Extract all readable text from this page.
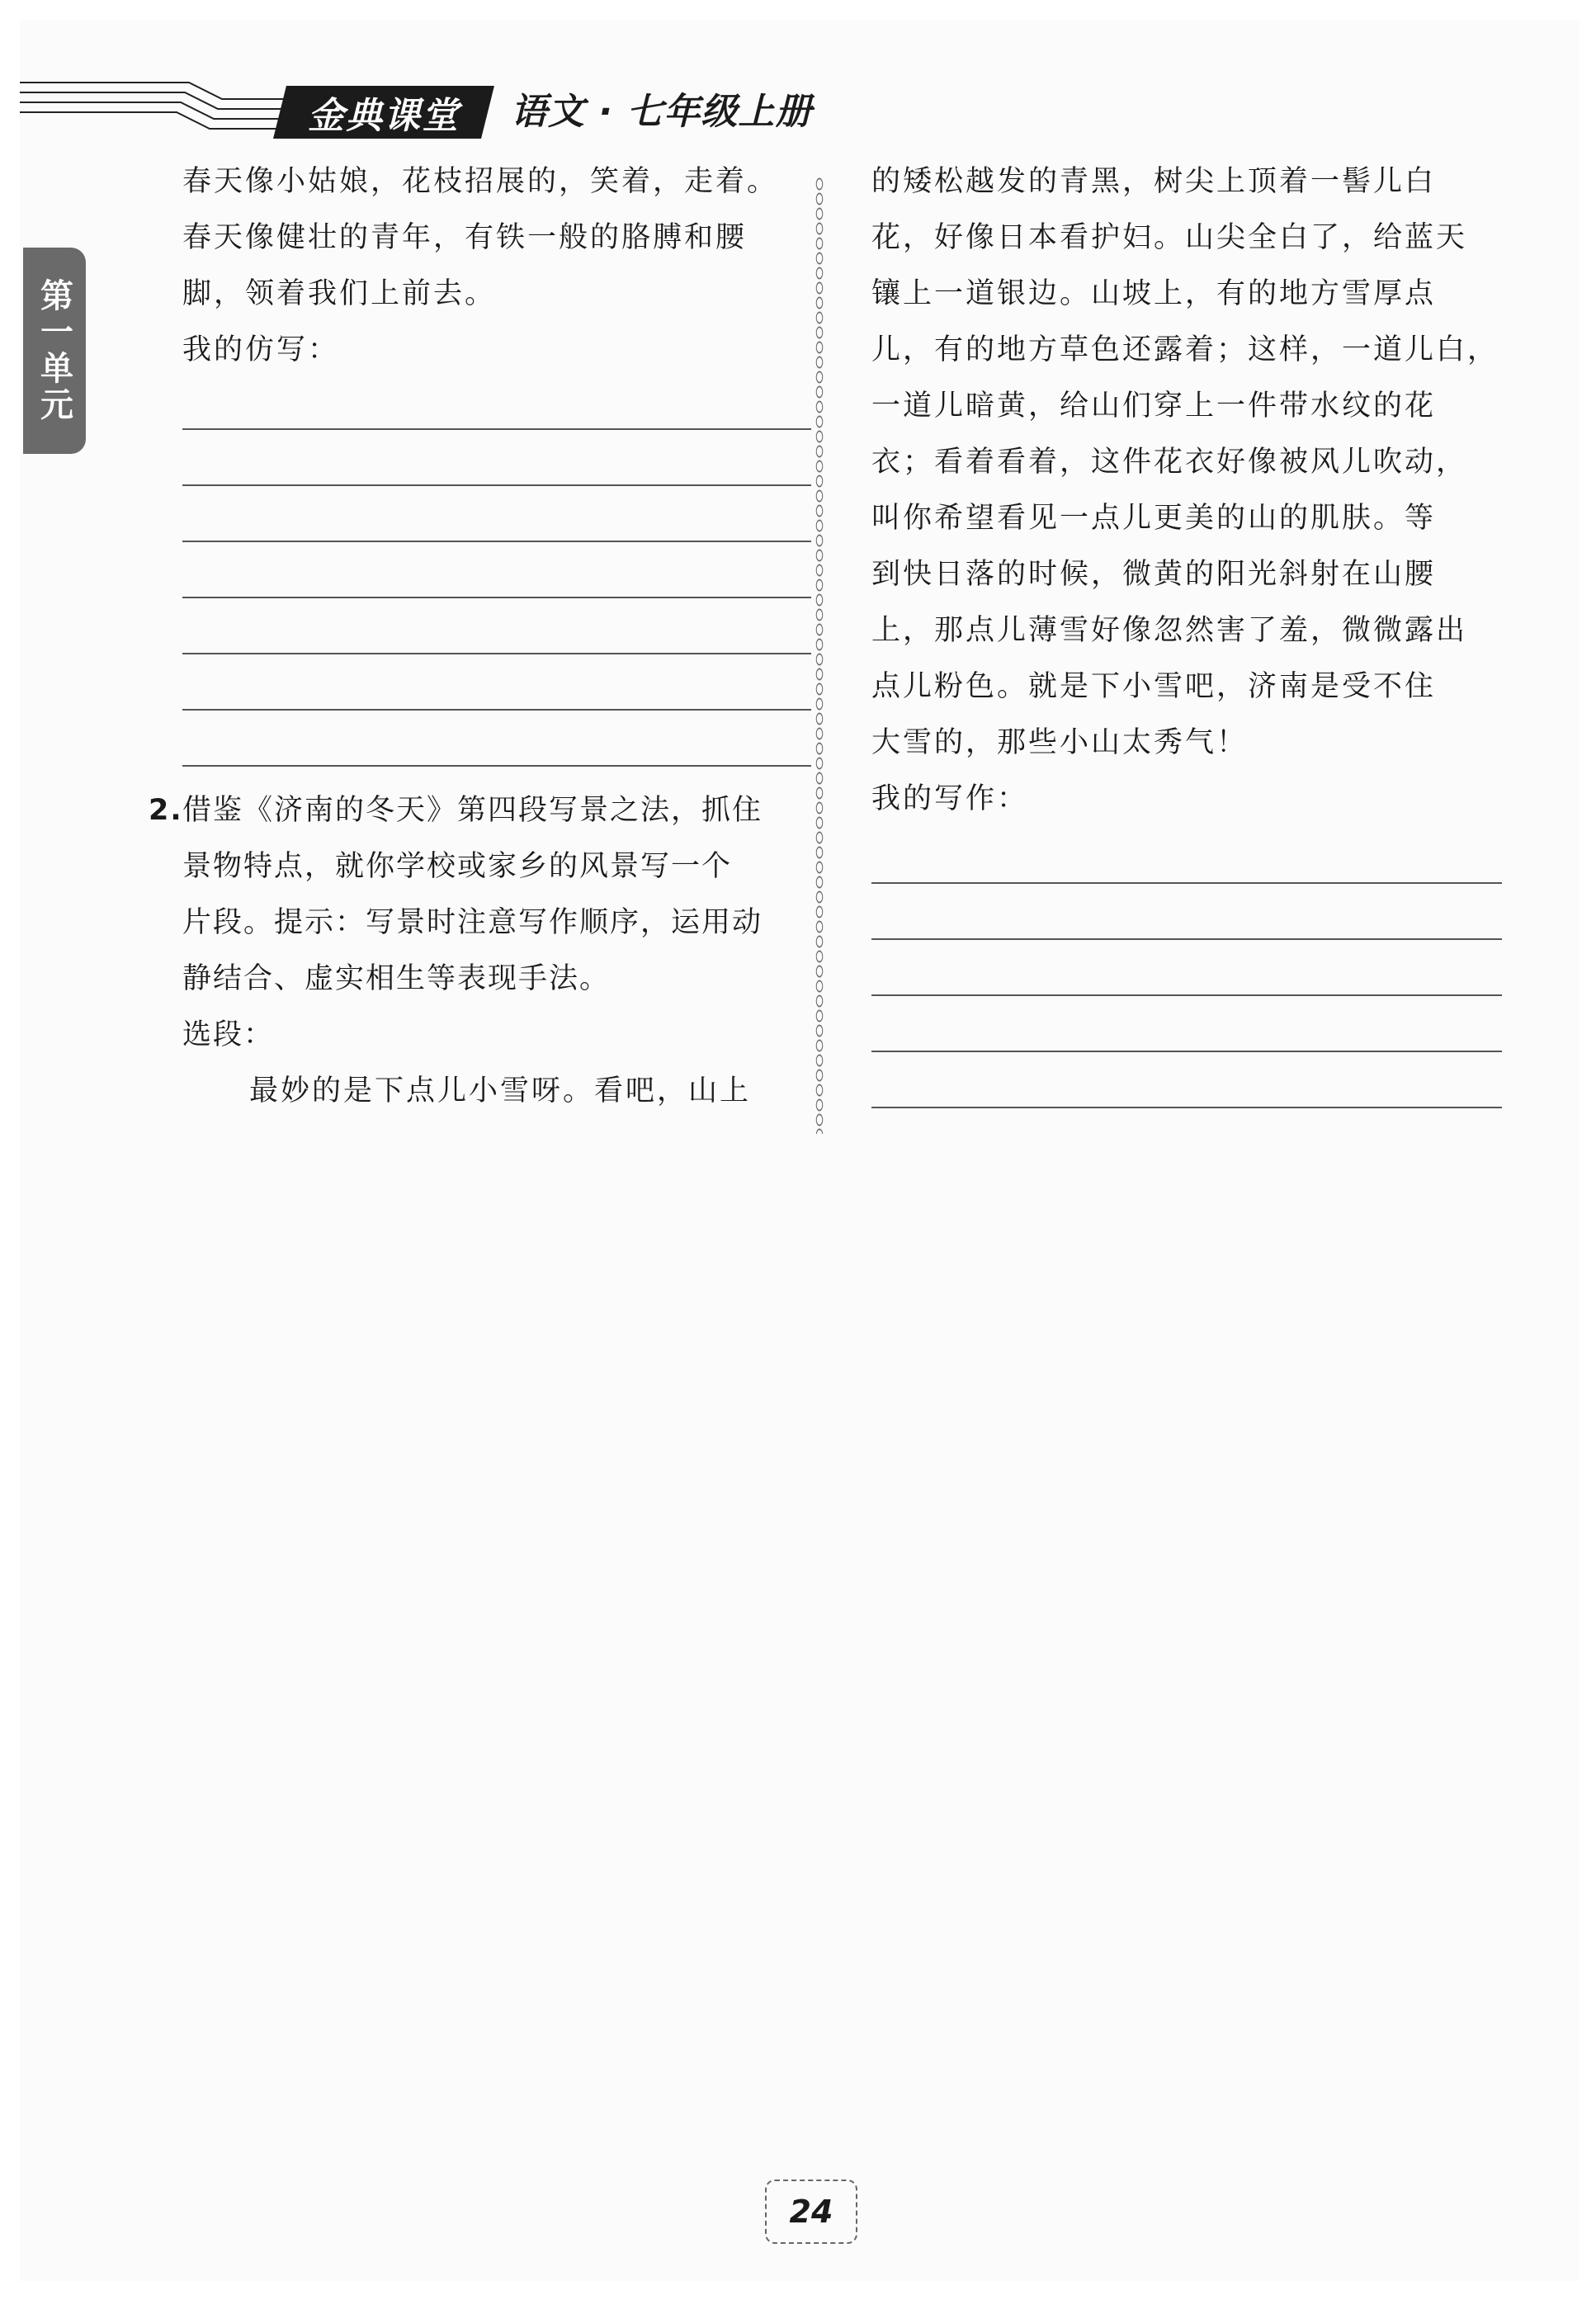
金典课堂 语文 · 七年级上册
第一单元
春天像小姑娘，花枝招展的，笑着，走着。
春天像健壮的青年，有铁一般的胳膊和腰
脚，领着我们上前去。
我的仿写：
2. 借鉴《济南的冬天》第四段写景之法，抓住
景物特点，就你学校或家乡的风景写一个
片段。提示：写景时注意写作顺序，运用动
静结合、虚实相生等表现手法。
选段：
最妙的是下点儿小雪呀。看吧，山上
的矮松越发的青黑，树尖上顶着一髻儿白
花，好像日本看护妇。山尖全白了，给蓝天
镶上一道银边。山坡上，有的地方雪厚点
儿，有的地方草色还露着；这样，一道儿白，
一道儿暗黄，给山们穿上一件带水纹的花
衣；看着看着，这件花衣好像被风儿吹动，
叫你希望看见一点儿更美的山的肌肤。等
到快日落的时候，微黄的阳光斜射在山腰
上，那点儿薄雪好像忽然害了羞，微微露出
点儿粉色。就是下小雪吧，济南是受不住
大雪的，那些小山太秀气！
我的写作：
24
